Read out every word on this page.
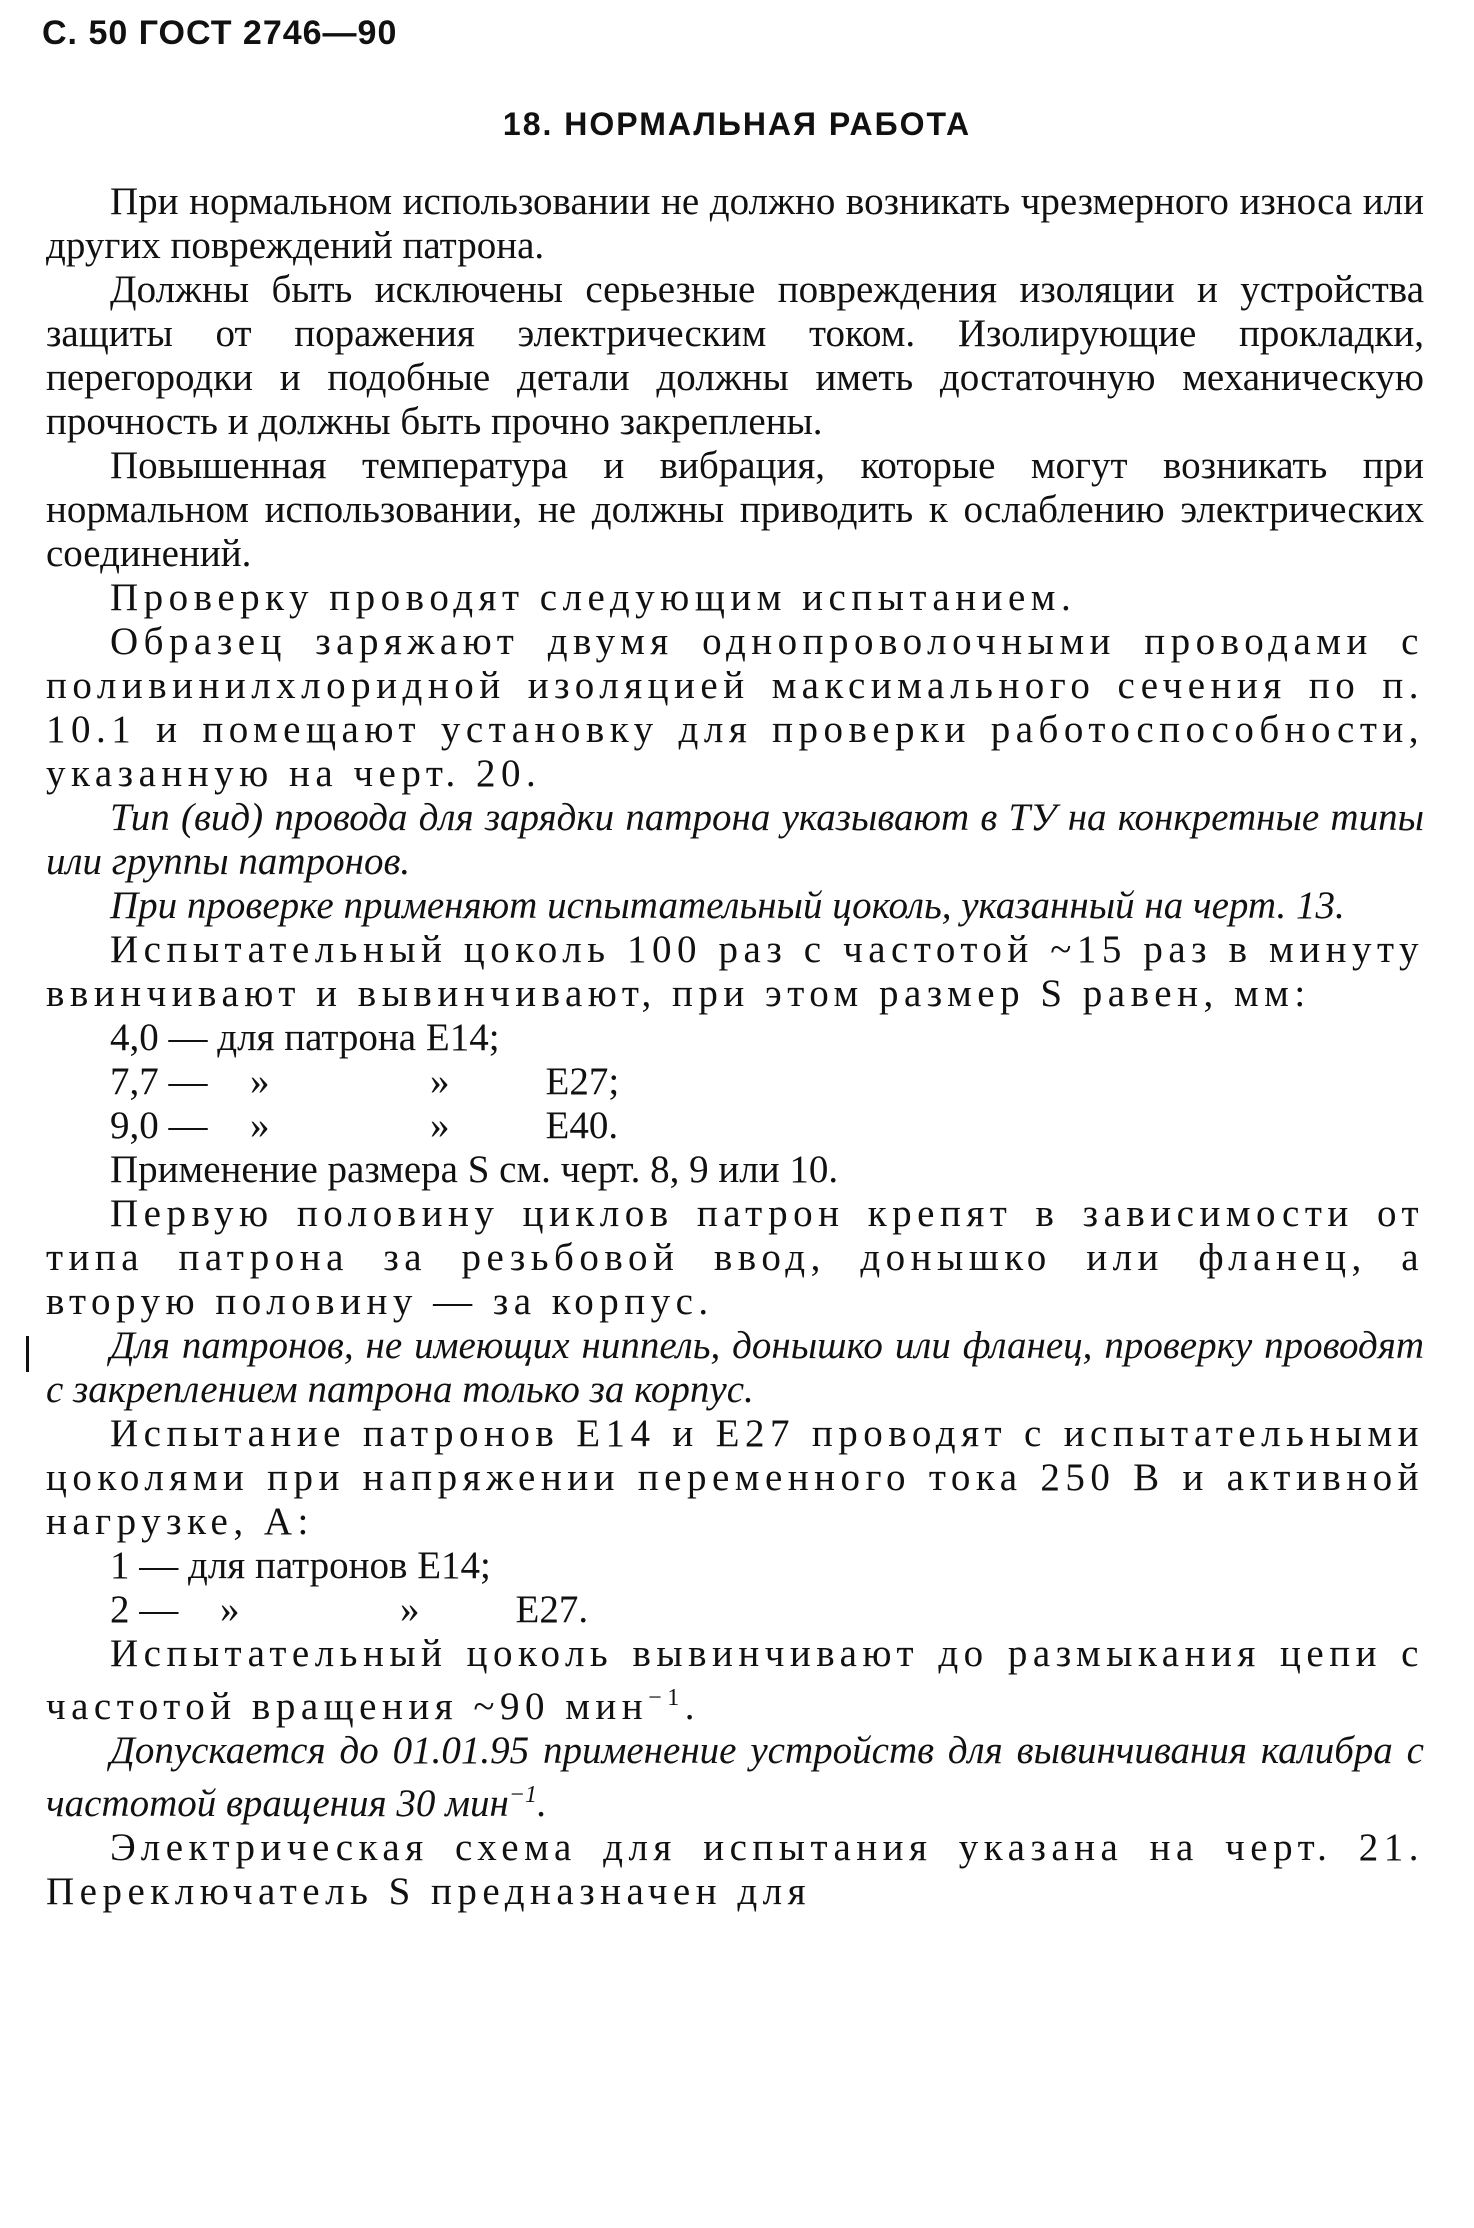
С. 50 ГОСТ 2746—90
18. НОРМАЛЬНАЯ РАБОТА

При нормальном использовании не должно возникать чрезмерного износа или других повреждений патрона.

Должны быть исключены серьезные повреждения изоляции и устройства защиты от поражения электрическим током. Изолирующие прокладки, перегородки и подобные детали должны иметь достаточную механическую прочность и должны быть прочно закреплены.

Повышенная температура и вибрация, которые могут возникать при нормальном использовании, не должны приводить к ослаблению электрических соединений.

Проверку проводят следующим испытанием.

Образец заряжают двумя однопроволочными проводами с поливинилхлоридной изоляцией максимального сечения по п. 10.1 и помещают установку для проверки работоспособности, указанную на черт. 20.

Тип (вид) провода для зарядки патрона указывают в ТУ на конкретные типы или группы патронов.

При проверке применяют испытательный цоколь, указанный на черт. 13.

Испытательный цоколь 100 раз с частотой ~15 раз в минуту ввинчивают и вывинчивают, при этом размер S равен, мм:

4,0 — для патрона Е14;
7,7 —	»	» Е27;
9,0 —	»	» Е40.

Применение размера S см. черт. 8, 9 или 10.

Первую половину циклов патрон крепят в зависимости от типа патрона за резьбовой ввод, донышко или фланец, а вторую половину — за корпус.

Для патронов, не имеющих ниппель, донышко или фланец, проверку проводят с закреплением патрона только за корпус.

Испытание патронов Е14 и Е27 проводят с испытательными цоколями при напряжении переменного тока 250 В и активной нагрузке, А:

1 — для патронов Е14;
2 —	»	» Е27.

Испытательный цоколь вывинчивают до размыкания цепи с частотой вращения ~90 мин$^{-1}$.

Допускается до 01.01.95 применение устройств для вывинчивания калибра с частотой вращения 30 мин$^{-1}$.

Электрическая схема для испытания указана на черт. 21. Переключатель S предназначен для
